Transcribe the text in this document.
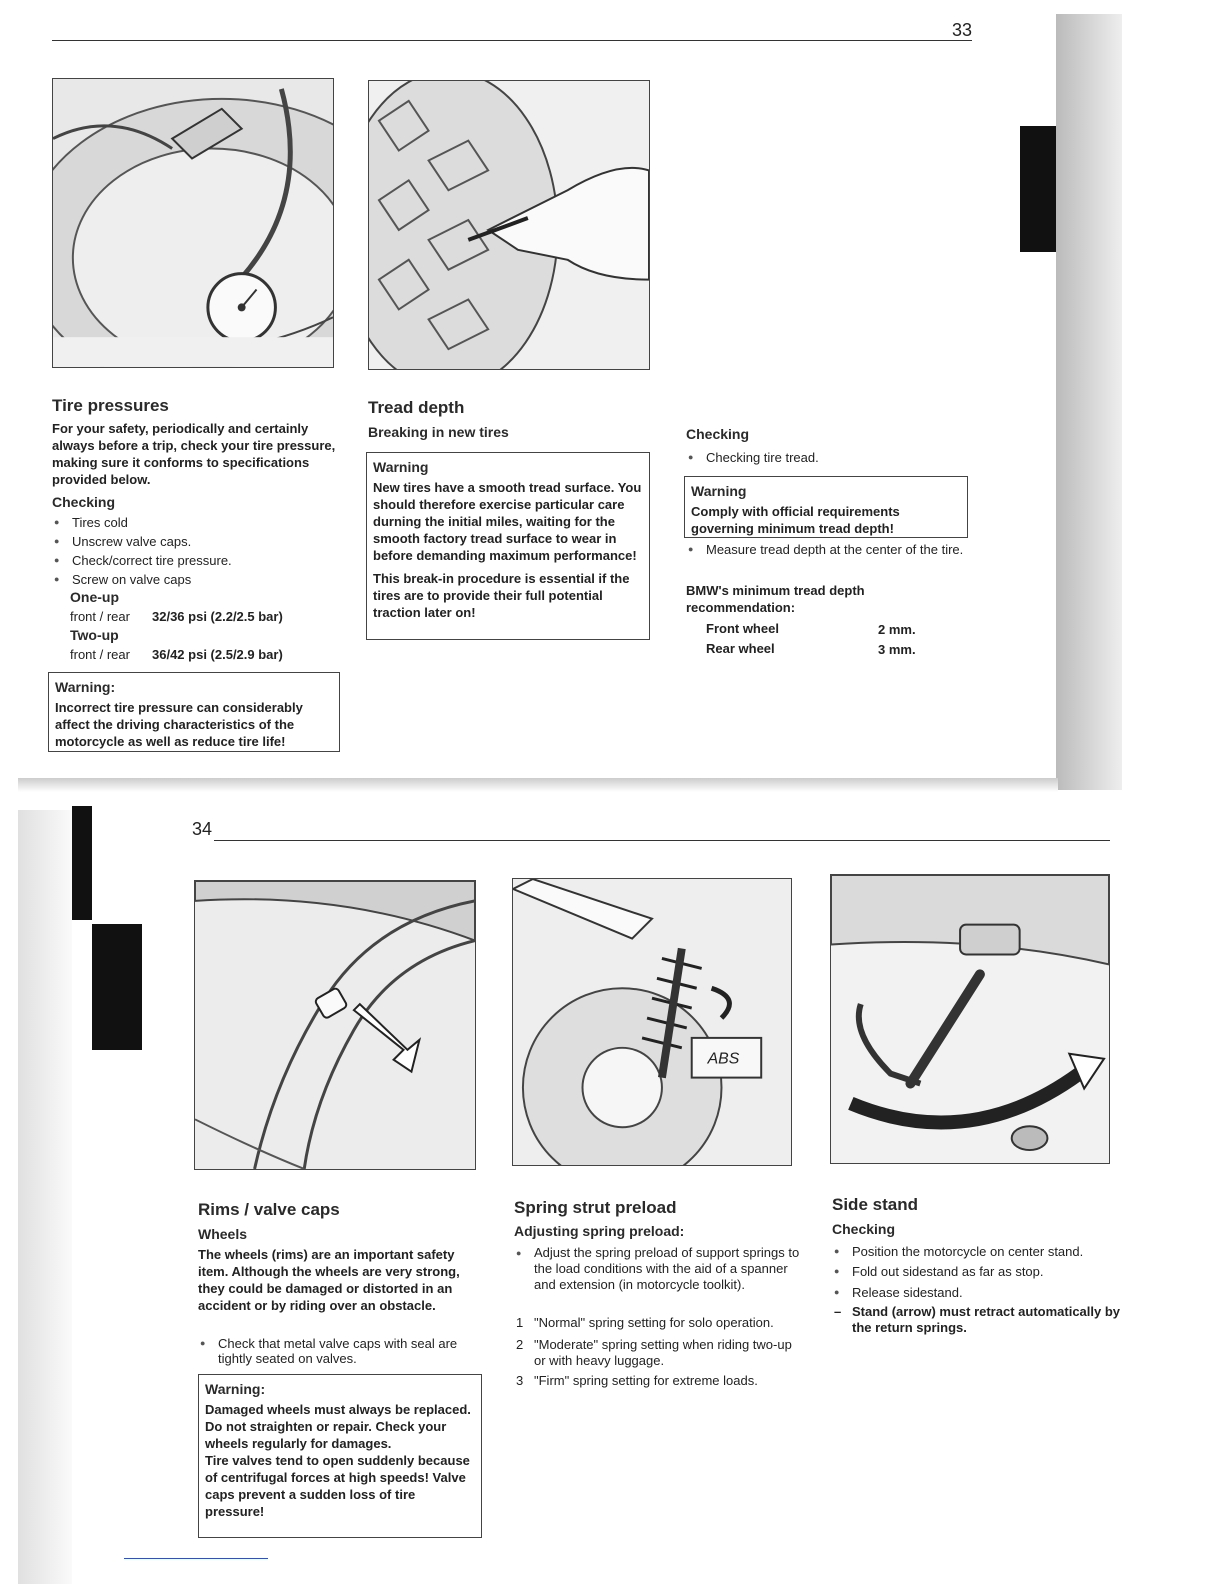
33
Tire pressures
For your safety, periodically and certainly always before a trip, check your tire pressure, making sure it conforms to specifications provided below.
Checking
● Tires cold
● Unscrew valve caps.
● Check/correct tire pressure.
● Screw on valve caps
One-up
front / rear 32/36 psi (2.2/2.5 bar)
Two-up
front / rear 36/42 psi (2.5/2.9 bar)
Warning:
Incorrect tire pressure can considerably affect the driving characteristics of the motorcycle as well as reduce tire life!
Tread depth
Breaking in new tires
Warning
New tires have a smooth tread surface. You should therefore exercise particular care durning the initial miles, waiting for the smooth factory tread surface to wear in before demanding maximum performance!
This break-in procedure is essential if the tires are to provide their full potential traction later on!
Checking
● Checking tire tread.
Warning
Comply with official requirements governing minimum tread depth!
● Measure tread depth at the center of the tire.
BMW's minimum tread depth recommendation:
Front wheel	2 mm.
Rear wheel	3 mm.
34
ABS
Rims / valve caps
Wheels
The wheels (rims) are an important safety item. Although the wheels are very strong, they could be damaged or distorted in an accident or by riding over an obstacle.
● Check that metal valve caps with seal are tightly seated on valves.
Warning:
Damaged wheels must always be replaced. Do not straighten or repair. Check your wheels regularly for damages.
Tire valves tend to open suddenly because of centrifugal forces at high speeds! Valve caps prevent a sudden loss of tire pressure!
Spring strut preload
Adjusting spring preload:
● Adjust the spring preload of support springs to the load conditions with the aid of a spanner and extension (in motorcycle toolkit).
1 "Normal" spring setting for solo operation.
2 "Moderate" spring setting when riding two-up or with heavy luggage.
3 "Firm" spring setting for extreme loads.
Side stand
Checking
● Position the motorcycle on center stand.
● Fold out sidestand as far as stop.
● Release sidestand.
– Stand (arrow) must retract automatically by the return springs.
